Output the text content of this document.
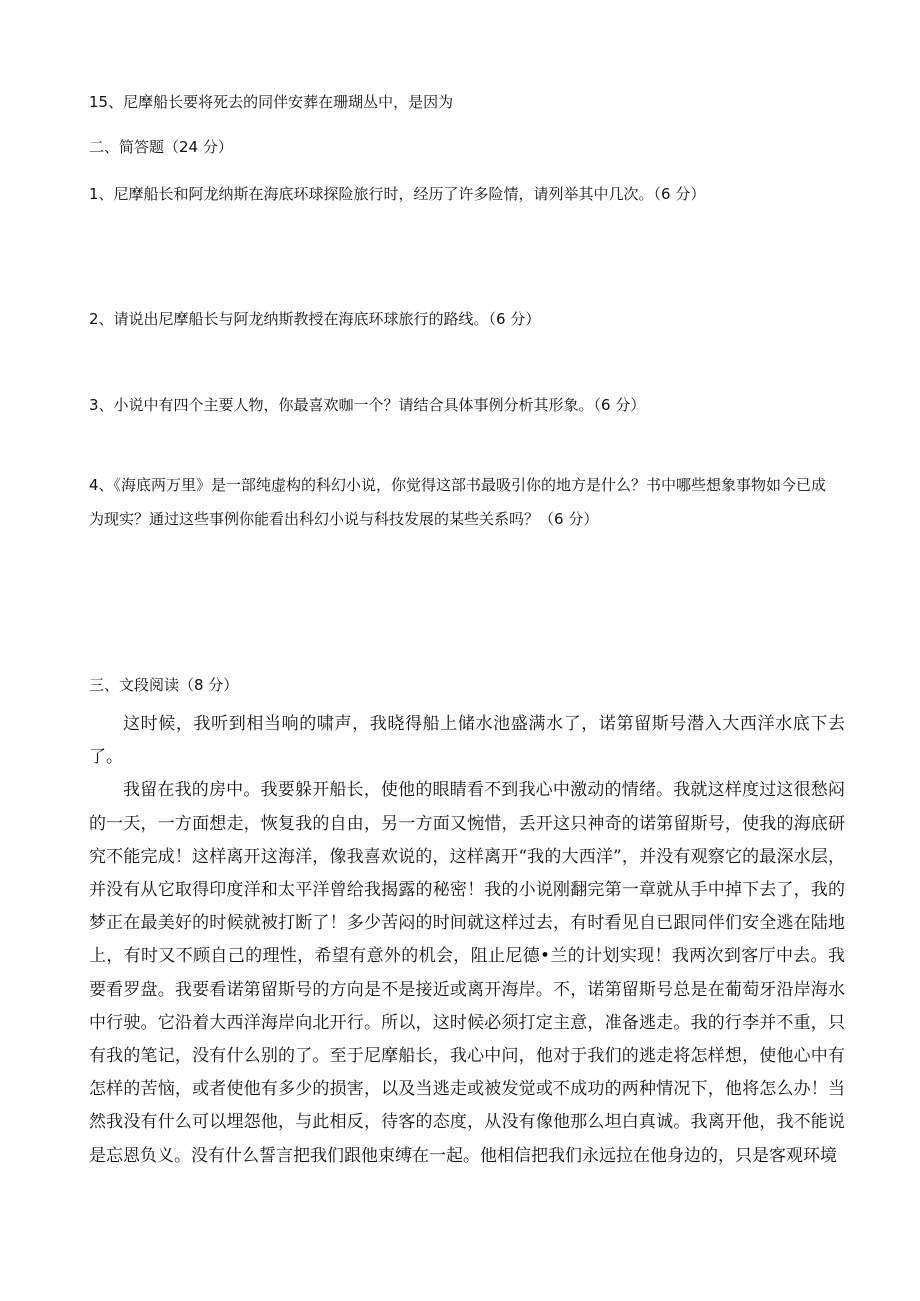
15、尼摩船长要将死去的同伴安葬在珊瑚丛中，是因为
二、简答题（24 分）
1、尼摩船长和阿龙纳斯在海底环球探险旅行时，经历了许多险情，请列举其中几次。（6 分）
2、请说出尼摩船长与阿龙纳斯教授在海底环球旅行的路线。（6 分）
3、小说中有四个主要人物，你最喜欢咖一个？请结合具体事例分析其形象。（6 分）
4、《海底两万里》是一部纯虚构的科幻小说，你觉得这部书最吸引你的地方是什么？书中哪些想象事物如今已成为现实？通过这些事例你能看出科幻小说与科技发展的某些关系吗？（6 分）
三、文段阅读（8 分）

这时候，我听到相当响的啸声，我晓得船上储水池盛满水了，诺第留斯号潜入大西洋水底下去了。

我留在我的房中。我要躲开船长，使他的眼睛看不到我心中激动的情绪。我就这样度过这很愁闷的一天，一方面想走，恢复我的自由，另一方面又惋惜，丢开这只神奇的诺第留斯号，使我的海底研究不能完成！这样离开这海洋，像我喜欢说的，这样离开“我的大西洋”，并没有观察它的最深水层，并没有从它取得印度洋和太平洋曾给我揭露的秘密！我的小说刚翻完第一章就从手中掉下去了，我的梦正在最美好的时候就被打断了！多少苦闷的时间就这样过去，有时看见自已跟同伴们安全逃在陆地上，有时又不顾自己的理性，希望有意外的机会，阻止尼德•兰的计划实现！我两次到客厅中去。我要看罗盘。我要看诺第留斯号的方向是不是接近或离开海岸。不，诺第留斯号总是在葡萄牙沿岸海水中行驶。它沿着大西洋海岸向北开行。所以，这时候必须打定主意，准备逃走。我的行李并不重，只有我的笔记，没有什么别的了。至于尼摩船长，我心中问，他对于我们的逃走将怎样想，使他心中有怎样的苦恼，或者使他有多少的损害，以及当逃走或被发觉或不成功的两种情况下，他将怎么办！当然我没有什么可以埋怨他，与此相反，待客的态度，从没有像他那么坦白真诚。我离开他，我不能说是忘恩负义。没有什么誓言把我们跟他束缚在一起。他相信把我们永远拉在他身边的，只是客观环境
